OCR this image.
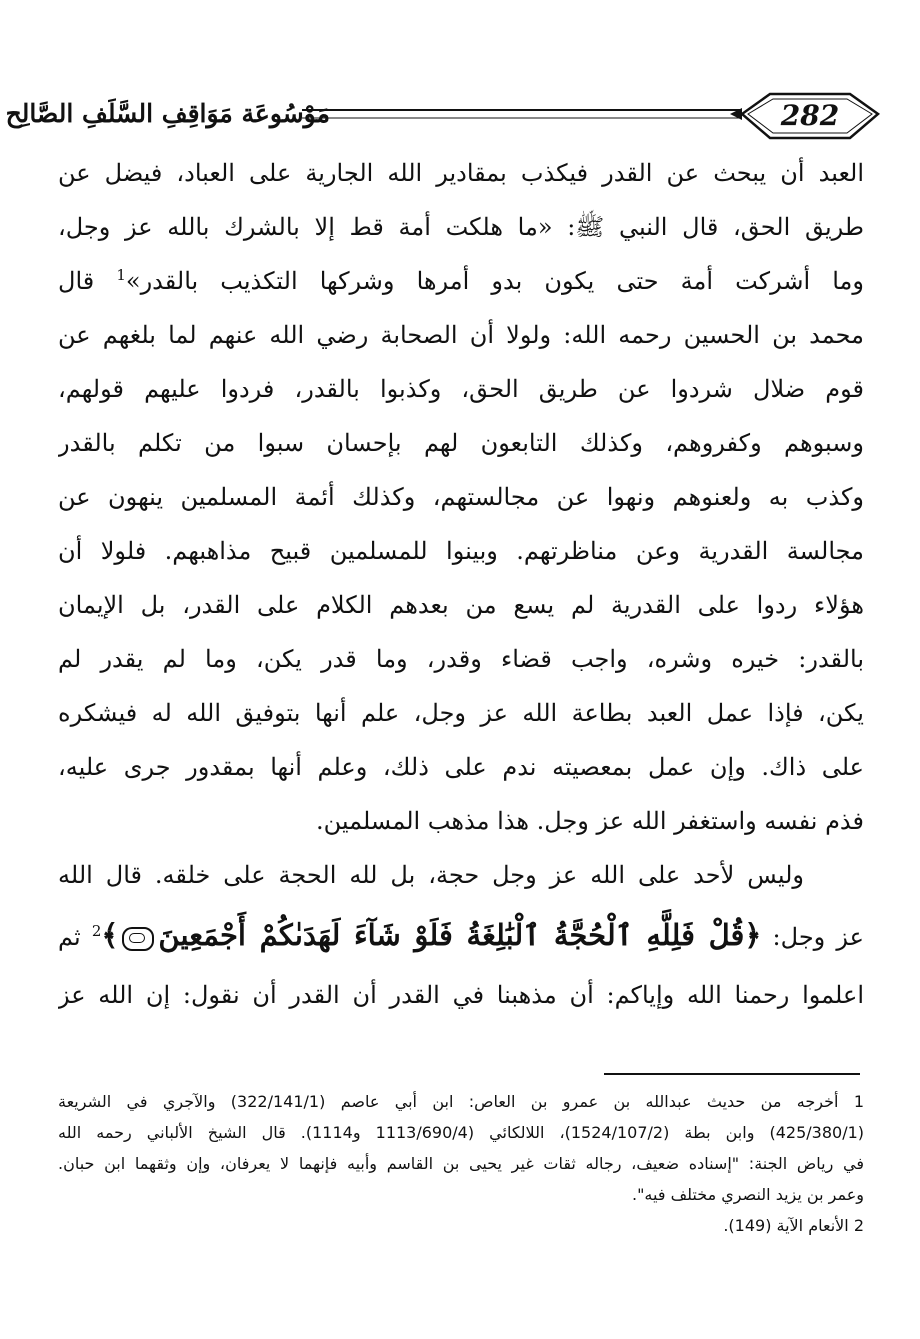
282
مَوْسُوعَة مَوَاقِفِ السَّلَفِ الصَّالِح
العبد أن يبحث عن القدر فيكذب بمقادير الله الجارية على العباد، فيضل عن
طريق الحق، قال النبي ﷺ: «ما هلكت أمة قط إلا بالشرك بالله عز وجل،
وما أشركت أمة حتى يكون بدو أمرها وشركها التكذيب بالقدر»$^1$ قال
محمد بن الحسين رحمه الله: ولولا أن الصحابة رضي الله عنهم لما بلغهم عن
قوم ضلال شردوا عن طريق الحق، وكذبوا بالقدر، فردوا عليهم قولهم،
وسبوهم وكفروهم، وكذلك التابعون لهم بإحسان سبوا من تكلم بالقدر
وكذب به ولعنوهم ونهوا عن مجالستهم، وكذلك أئمة المسلمين ينهون عن
مجالسة القدرية وعن مناظرتهم. وبينوا للمسلمين قبيح مذاهبهم. فلولا أن
هؤلاء ردوا على القدرية لم يسع من بعدهم الكلام على القدر، بل الإيمان
بالقدر: خيره وشره، واجب قضاء وقدر، وما قدر يكن، وما لم يقدر لم
يكن، فإذا عمل العبد بطاعة الله عز وجل، علم أنها بتوفيق الله له فيشكره
على ذاك. وإن عمل بمعصيته ندم على ذلك، وعلم أنها بمقدور جرى عليه،
فذم نفسه واستغفر الله عز وجل. هذا مذهب المسلمين.
وليس لأحد على الله عز وجل حجة، بل لله الحجة على خلقه. قال الله
عز وجل: ﴿قُلْ فَلِلَّهِ ٱلْحُجَّةُ ٱلْبَٰلِغَةُ فَلَوْ شَآءَ لَهَدَىٰكُمْ أَجْمَعِينَ﴾$^2$ ثم
اعلموا رحمنا الله وإياكم: أن مذهبنا في القدر أن القدر أن نقول: إن الله عز
1 أخرجه من حديث عبدالله بن عمرو بن العاص: ابن أبي عاصم (322/141/1) والآجري في الشريعة
(425/380/1) وابن بطة (1524/107/2)، اللالكائي (1113/690/4 و1114). قال الشيخ الألباني رحمه الله
في رياض الجنة: "إسناده ضعيف، رجاله ثقات غير يحيى بن القاسم وأبيه فإنهما لا يعرفان، وإن وثقهما ابن حبان.
وعمر بن يزيد النصري مختلف فيه".
2 الأنعام الآية (149).
